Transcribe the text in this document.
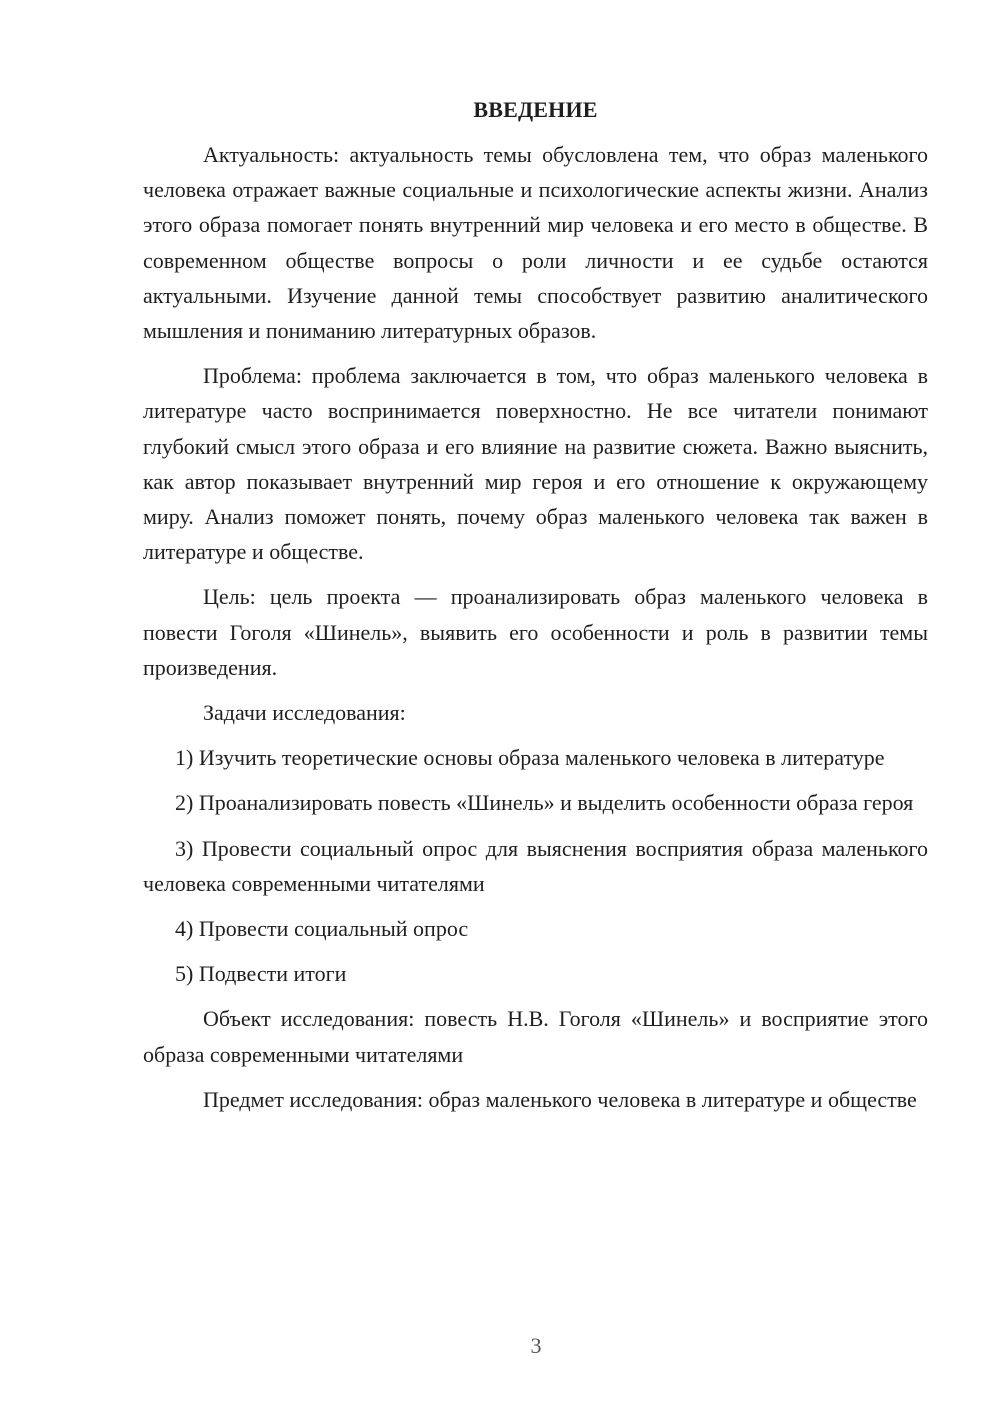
ВВЕДЕНИЕ

Актуальность: актуальность темы обусловлена тем, что образ маленького человека отражает важные социальные и психологические аспекты жизни. Анализ этого образа помогает понять внутренний мир человека и его место в обществе. В современном обществе вопросы о роли личности и ее судьбе остаются актуальными. Изучение данной темы способствует развитию аналитического мышления и пониманию литературных образов.

Проблема: проблема заключается в том, что образ маленького человека в литературе часто воспринимается поверхностно. Не все читатели понимают глубокий смысл этого образа и его влияние на развитие сюжета. Важно выяснить, как автор показывает внутренний мир героя и его отношение к окружающему миру. Анализ поможет понять, почему образ маленького человека так важен в литературе и обществе.

Цель: цель проекта — проанализировать образ маленького человека в повести Гоголя «Шинель», выявить его особенности и роль в развитии темы произведения.

Задачи исследования:

1) Изучить теоретические основы образа маленького человека в литературе

2) Проанализировать повесть «Шинель» и выделить особенности образа героя

3) Провести социальный опрос для выяснения восприятия образа маленького человека современными читателями

4) Провести социальный опрос

5) Подвести итоги

Объект исследования: повесть Н.В. Гоголя «Шинель» и восприятие этого образа современными читателями

Предмет исследования: образ маленького человека в литературе и обществе

3
